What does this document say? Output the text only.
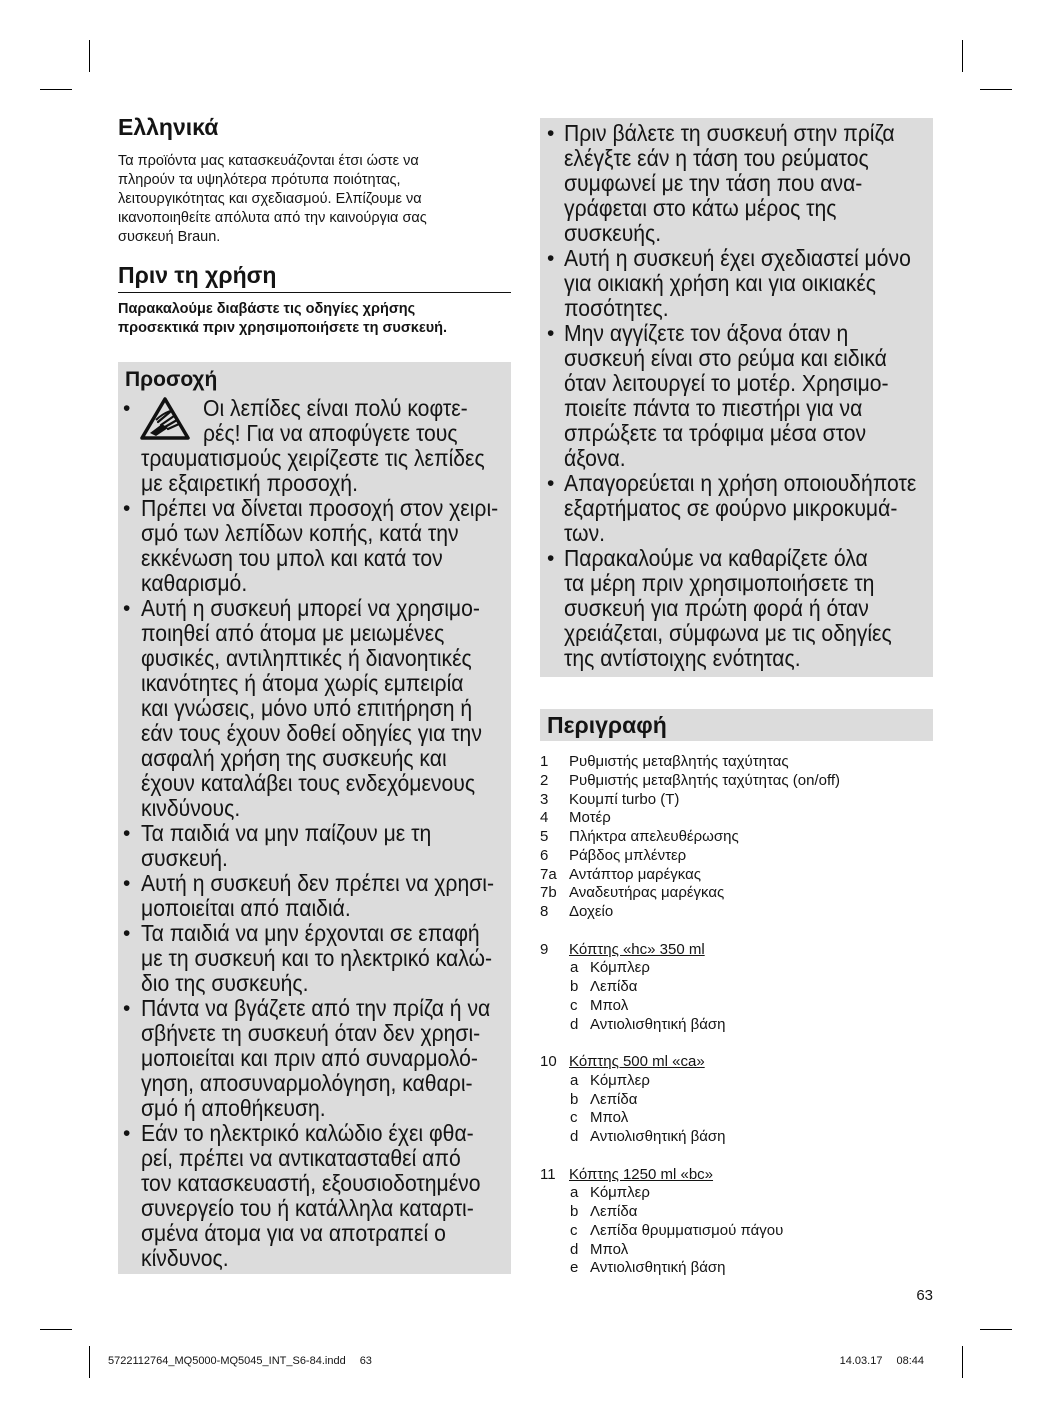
Ελληνικά
Τα προϊόντα μας κατασκευάζονται έτσι ώστε να
πληρούν τα υψηλότερα πρότυπα ποιότητας,
λειτουργικότητας και σχεδιασμού. Ελπίζουμε να
ικανοποιηθείτε απόλυτα από την καινούργια σας
συσκευή Braun.
Πριν τη χρήση
Παρακαλούμε διαβάστε τις οδηγίες χρήσης
προσεκτικά πριν χρησιμοποιήσετε τη συσκευή.
Προσοχή
•	Οι λεπίδες είναι πολύ κοφτε-
ρές! Για να αποφύγετε τους
τραυματισμούς χειρίζεστε τις λεπίδες
με εξαιρετική προσοχή.
• Πρέπει να δίνεται προσοχή στον χειρι-
σμό των λεπίδων κοπής, κατά την
εκκένωση του μπολ και κατά τον
καθαρισμό.
• Αυτή η συσκευή μπορεί να χρησιμο-
ποιηθεί από άτομα με μειωμένες
φυσικές, αντιληπτικές ή διανοητικές
ικανότητες ή άτομα χωρίς εμπειρία
και γνώσεις, μόνο υπό επιτήρηση ή
εάν τους έχουν δοθεί οδηγίες για την
ασφαλή χρήση της συσκευής και
έχουν καταλάβει τους ενδεχόμενους
κινδύνους.
• Τα παιδιά να μην παίζουν με τη
συσκευή.
• Αυτή η συσκευή δεν πρέπει να χρησι-
μοποιείται από παιδιά.
• Τα παιδιά να μην έρχονται σε επαφή
με τη συσκευή και το ηλεκτρικό καλώ-
διο της συσκευής.
• Πάντα να βγάζετε από την πρίζα ή να
σβήνετε τη συσκευή όταν δεν χρησι-
μοποιείται και πριν από συναρμολό-
γηση, αποσυναρμολόγηση, καθαρι-
σμό ή αποθήκευση.
• Εάν το ηλεκτρικό καλώδιο έχει φθα-
ρεί, πρέπει να αντικατασταθεί από
τον κατασκευαστή, εξουσιοδοτημένο
συνεργείο του ή κατάλληλα καταρτι-
σμένα άτομα για να αποτραπεί ο
κίνδυνος.
• Πριν βάλετε τη συσκευή στην πρίζα
ελέγξτε εάν η τάση του ρεύματος
συμφωνεί με την τάση που ανα-
γράφεται στο κάτω μέρος της
συσκευής.
• Αυτή η συσκευή έχει σχεδιαστεί μόνο
για οικιακή χρήση και για οικιακές
ποσότητες.
• Μην αγγίζετε τον άξονα όταν η
συσκευή είναι στο ρεύμα και ειδικά
όταν λειτουργεί το μοτέρ. Χρησιμο-
ποιείτε πάντα το πιεστήρι για να
σπρώξετε τα τρόφιμα μέσα στον
άξονα.
• Απαγορεύεται η χρήση οποιουδήποτε
εξαρτήματος σε φούρνο μικροκυμά-
των.
• Παρακαλούμε να καθαρίζετε όλα
τα μέρη πριν χρησιμοποιήσετε τη
συσκευή για πρώτη φορά ή όταν
χρειάζεται, σύμφωνα με τις οδηγίες
της αντίστοιχης ενότητας.
Περιγραφή
1 Ρυθμιστής μεταβλητής ταχύτητας
2 Ρυθμιστής μεταβλητής ταχύτητας (on/off)
3 Κουμπί turbo (T)
4 Μοτέρ
5 Πλήκτρα απελευθέρωσης
6 Ράβδος μπλέντερ
7a Αντάπτορ μαρέγκας
7b Αναδευτήρας μαρέγκας
8 Δοχείο
9 Κόπτης «hc» 350 ml
a Κόμπλερ
b Λεπίδα
c Μπολ
d Αντιολισθητική βάση
10 Κόπτης 500 ml «ca»
a Κόμπλερ
b Λεπίδα
c Μπολ
d Αντιολισθητική βάση
11 Κόπτης 1250 ml «bc»
a Κόμπλερ
b Λεπίδα
c Λεπίδα θρυμματισμού πάγου
d Μπολ
e Αντιολισθητική βάση
63
5722112764_MQ5000-MQ5045_INT_S6-84.indd 63	14.03.17 08:44
